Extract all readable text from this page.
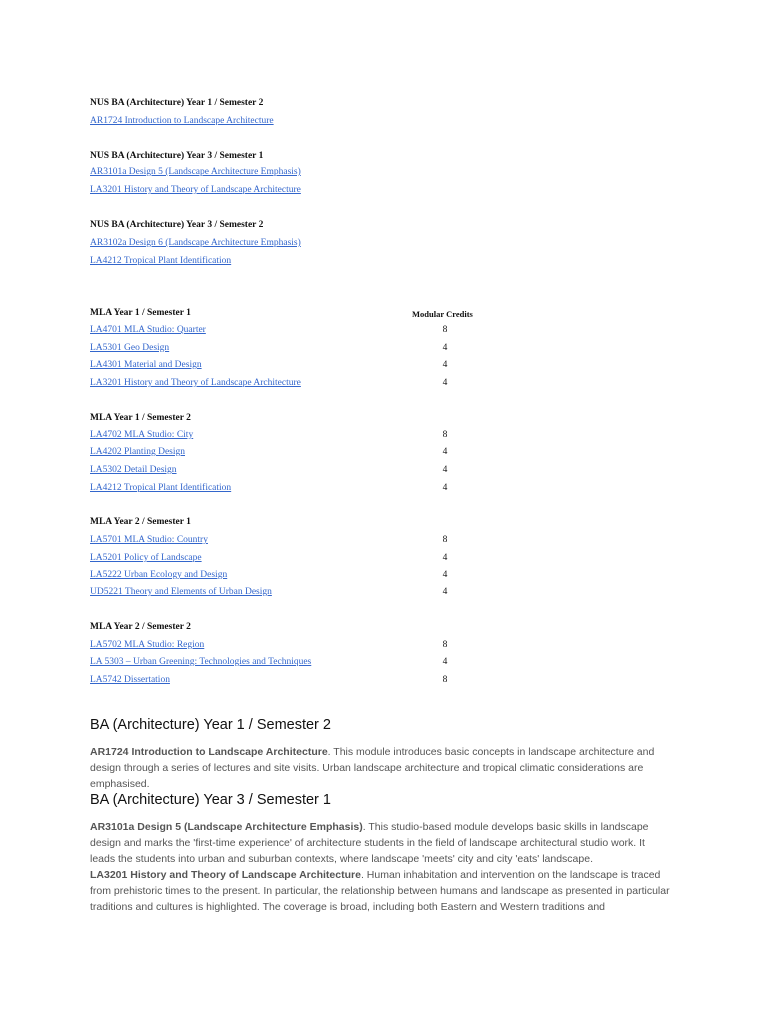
NUS BA (Architecture) Year 1 / Semester 2
AR1724 Introduction to Landscape Architecture
NUS BA (Architecture) Year 3 / Semester 1
AR3101a Design 5 (Landscape Architecture Emphasis)
LA3201 History and Theory of Landscape Architecture
NUS BA (Architecture) Year 3 / Semester 2
AR3102a Design 6 (Landscape Architecture Emphasis)
LA4212 Tropical Plant Identification
MLA Year 1 / Semester 1	Modular Credits
LA4701 MLA Studio: Quarter	8
LA5301 Geo Design	4
LA4301 Material and Design	4
LA3201 History and Theory of Landscape Architecture	4
MLA Year 1 / Semester 2
LA4702 MLA Studio: City	8
LA4202 Planting Design	4
LA5302 Detail Design	4
LA4212 Tropical Plant Identification	4
MLA Year 2 / Semester 1
LA5701 MLA Studio: Country	8
LA5201 Policy of Landscape	4
LA5222 Urban Ecology and Design	4
UD5221 Theory and Elements of Urban Design	4
MLA Year 2 / Semester 2
LA5702 MLA Studio: Region	8
LA 5303 – Urban Greening: Technologies and Techniques	4
LA5742 Dissertation	8
BA (Architecture) Year 1 / Semester 2
AR1724 Introduction to Landscape Architecture. This module introduces basic concepts in landscape architecture and design through a series of lectures and site visits. Urban landscape architecture and tropical climatic considerations are emphasised.
BA (Architecture) Year 3 / Semester 1
AR3101a Design 5 (Landscape Architecture Emphasis). This studio-based module develops basic skills in landscape design and marks the 'first-time experience' of architecture students in the field of landscape architectural studio work. It leads the students into urban and suburban contexts, where landscape 'meets' city and city 'eats' landscape.
LA3201 History and Theory of Landscape Architecture. Human inhabitation and intervention on the landscape is traced from prehistoric times to the present. In particular, the relationship between humans and landscape as presented in particular traditions and cultures is highlighted. The coverage is broad, including both Eastern and Western traditions and
